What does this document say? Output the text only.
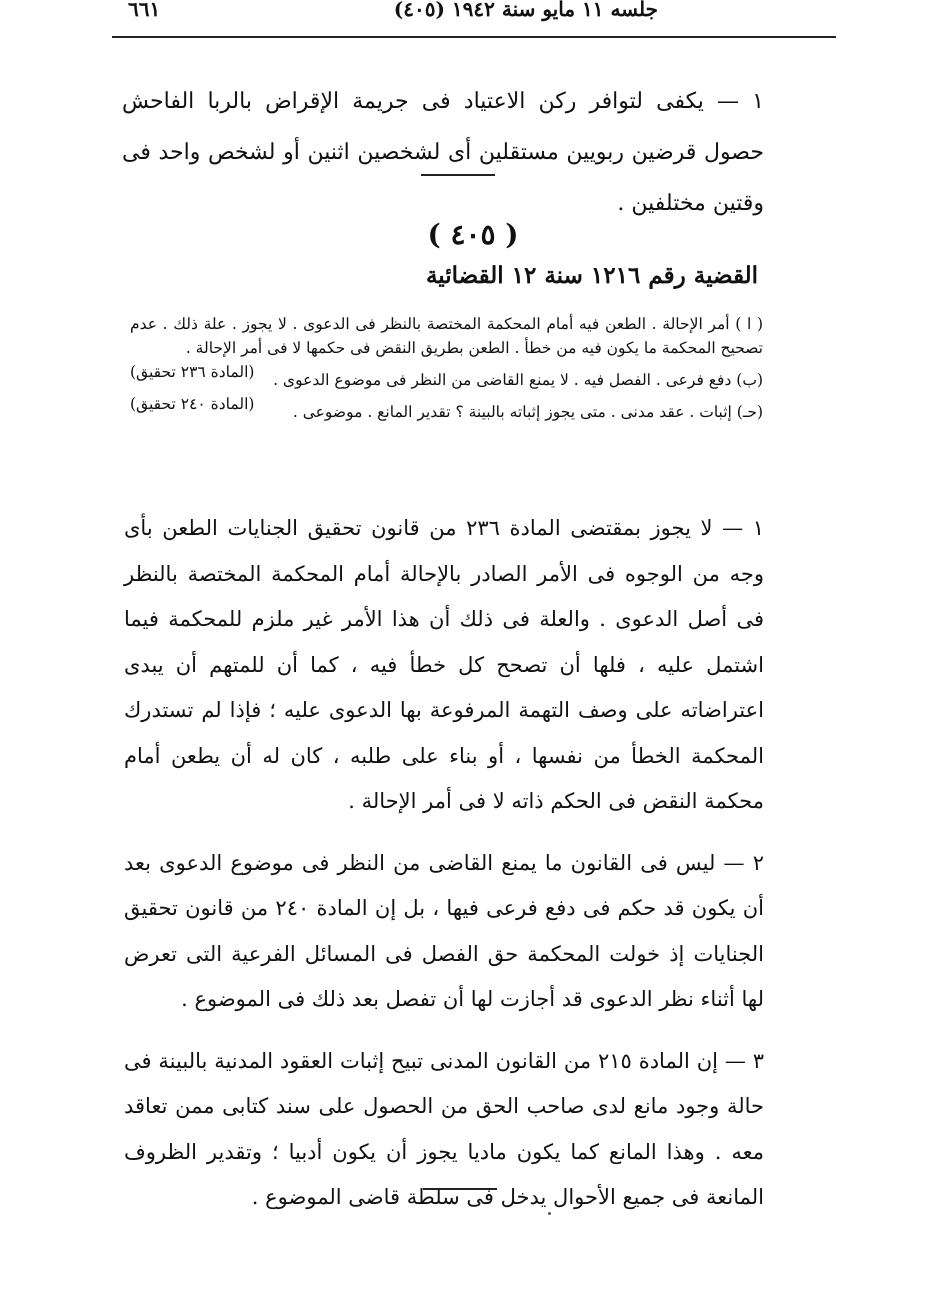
جلسه ١١ مايو سنة ١٩٤٢ (٤٠٥)
٦٦١
١ — يكفى لتوافر ركن الاعتياد فى جريمة الإقراض بالربا الفاحش حصول قرضين ربويين مستقلين أى لشخصين اثنين أو لشخص واحد فى وقتين مختلفين .
( ٤٠٥ )
القضية رقم ١٢١٦ سنة ١٢ القضائية
( ا ) أمر الإحالة . الطعن فيه أمام المحكمة المختصة بالنظر فى الدعوى . لا يجوز . علة ذلك . عدم تصحيح المحكمة ما يكون فيه من خطأ . الطعن بطريق النقض فى حكمها لا فى أمر الإحالة .
(المادة ٢٣٦ تحقيق)	(ب) دفع فرعى . الفصل فيه . لا يمنع القاضى من النظر فى موضوع الدعوى .
(المادة ٢٤٠ تحقيق)	(حـ) إثبات . عقد مدنى . متى يجوز إثباته بالبينة ؟ تقدير المانع . موضوعى .
١ — لا يجوز بمقتضى المادة ٢٣٦ من قانون تحقيق الجنايات الطعن بأى وجه من الوجوه فى الأمر الصادر بالإحالة أمام المحكمة المختصة بالنظر فى أصل الدعوى . والعلة فى ذلك أن هذا الأمر غير ملزم للمحكمة فيما اشتمل عليه ، فلها أن تصحح كل خطأ فيه ، كما أن للمتهم أن يبدى اعتراضاته على وصف التهمة المرفوعة بها الدعوى عليه ؛ فإذا لم تستدرك المحكمة الخطأ من نفسها ، أو بناء على طلبه ، كان له أن يطعن أمام محكمة النقض فى الحكم ذاته لا فى أمر الإحالة .
٢ — ليس فى القانون ما يمنع القاضى من النظر فى موضوع الدعوى بعد أن يكون قد حكم فى دفع فرعى فيها ، بل إن المادة ٢٤٠ من قانون تحقيق الجنايات إذ خولت المحكمة حق الفصل فى المسائل الفرعية التى تعرض لها أثناء نظر الدعوى قد أجازت لها أن تفصل بعد ذلك فى الموضوع .
٣ — إن المادة ٢١٥ من القانون المدنى تبيح إثبات العقود المدنية بالبينة فى حالة وجود مانع لدى صاحب الحق من الحصول على سند كتابى ممن تعاقد معه . وهذا المانع كما يكون ماديا يجوز أن يكون أدبيا ؛ وتقدير الظروف المانعة فى جميع الأحوال يدخل فى سلطة قاضى الموضوع .
